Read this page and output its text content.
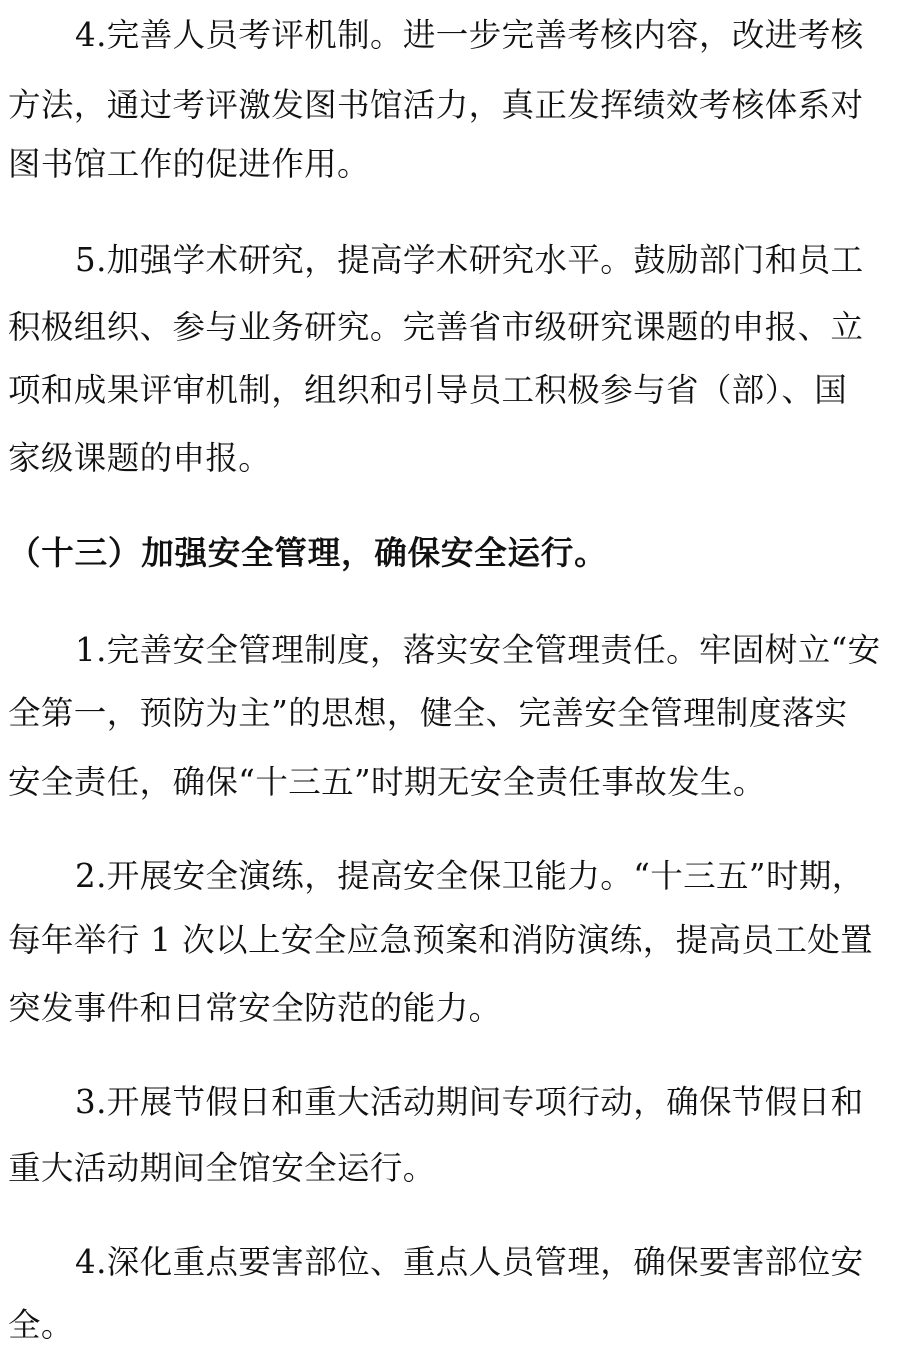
4.完善人员考评机制。进一步完善考核内容，改进考核
方法，通过考评激发图书馆活力，真正发挥绩效考核体系对
图书馆工作的促进作用。
5.加强学术研究，提高学术研究水平。鼓励部门和员工
积极组织、参与业务研究。完善省市级研究课题的申报、立
项和成果评审机制，组织和引导员工积极参与省（部）、国
家级课题的申报。
（十三）加强安全管理，确保安全运行。
1.完善安全管理制度，落实安全管理责任。牢固树立“安
全第一，预防为主”的思想，健全、完善安全管理制度落实
安全责任，确保“十三五”时期无安全责任事故发生。
2.开展安全演练，提高安全保卫能力。“十三五”时期，
每年举行 1 次以上安全应急预案和消防演练，提高员工处置
突发事件和日常安全防范的能力。
3.开展节假日和重大活动期间专项行动，确保节假日和
重大活动期间全馆安全运行。
4.深化重点要害部位、重点人员管理，确保要害部位安
全。
